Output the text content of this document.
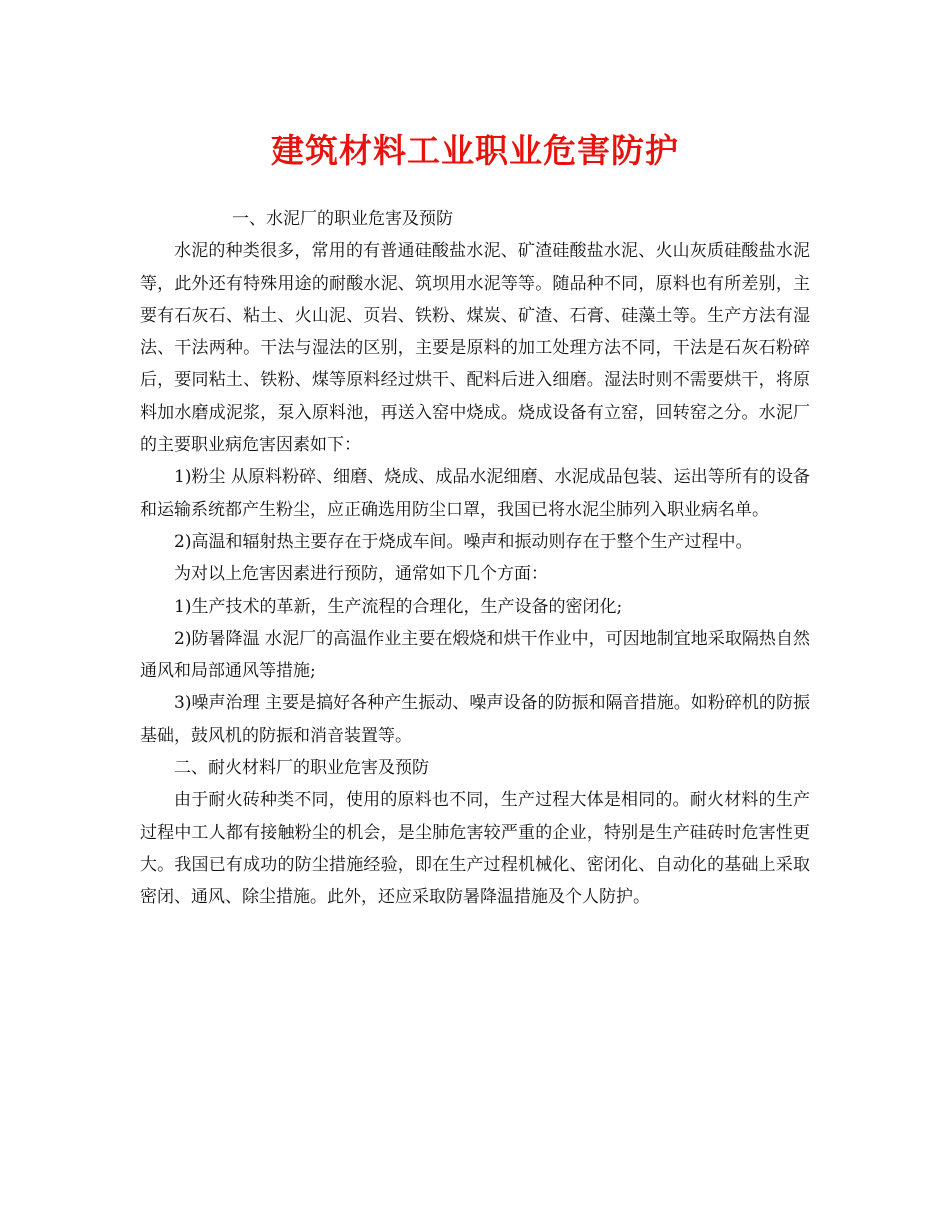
建筑材料工业职业危害防护

一、水泥厂的职业危害及预防

水泥的种类很多，常用的有普通硅酸盐水泥、矿渣硅酸盐水泥、火山灰质硅酸盐水泥等，此外还有特殊用途的耐酸水泥、筑坝用水泥等等。随品种不同，原料也有所差别，主要有石灰石、粘土、火山泥、页岩、铁粉、煤炭、矿渣、石膏、硅藻土等。生产方法有湿法、干法两种。干法与湿法的区别，主要是原料的加工处理方法不同，干法是石灰石粉碎后，要同粘土、铁粉、煤等原料经过烘干、配料后进入细磨。湿法时则不需要烘干，将原料加水磨成泥浆，泵入原料池，再送入窑中烧成。烧成设备有立窑，回转窑之分。水泥厂的主要职业病危害因素如下：

1)粉尘 从原料粉碎、细磨、烧成、成品水泥细磨、水泥成品包装、运出等所有的设备和运输系统都产生粉尘，应正确选用防尘口罩，我国已将水泥尘肺列入职业病名单。

2)高温和辐射热主要存在于烧成车间。噪声和振动则存在于整个生产过程中。

为对以上危害因素进行预防，通常如下几个方面：

1)生产技术的革新，生产流程的合理化，生产设备的密闭化;

2)防暑降温 水泥厂的高温作业主要在煅烧和烘干作业中，可因地制宜地采取隔热自然通风和局部通风等措施;

3)噪声治理 主要是搞好各种产生振动、噪声设备的防振和隔音措施。如粉碎机的防振基础，鼓风机的防振和消音装置等。

二、耐火材料厂的职业危害及预防

由于耐火砖种类不同，使用的原料也不同，生产过程大体是相同的。耐火材料的生产过程中工人都有接触粉尘的机会，是尘肺危害较严重的企业，特别是生产硅砖时危害性更大。我国已有成功的防尘措施经验，即在生产过程机械化、密闭化、自动化的基础上采取密闭、通风、除尘措施。此外，还应采取防暑降温措施及个人防护。
